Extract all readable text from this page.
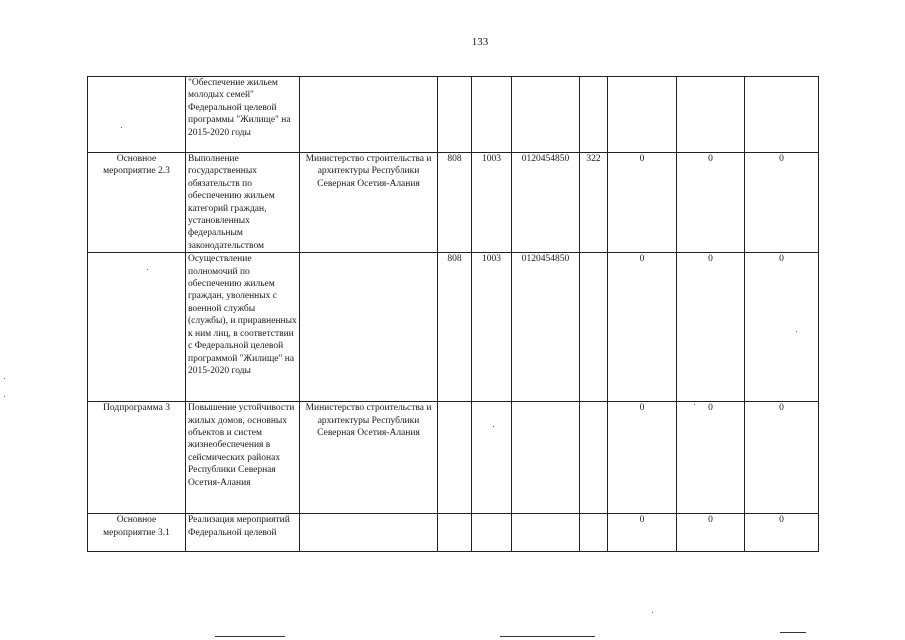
133
	"Обеспечение жильем молодых семей" Федеральной целевой программы "Жилище" на 2015-2020 годы								
Основное мероприятие 2.3	Выполнение государственных обязательств по обеспечению жильем категорий граждан, установленных федеральным законодательством	Министерство строительства и архитектуры Республики Северная Осетия-Алания	808	1003	0120454850	322	0	0	0
	Осуществление полномочий по обеспечению жильем граждан, уволенных с военной службы (службы), и приравненных к ним лиц, в соответствии с Федеральной целевой программой "Жилище" на 2015-2020 годы		808	1003	0120454850		0	0	0
Подпрограмма 3	Повышение устойчивости жилых домов, основных объектов и систем жизнеобеспечения в сейсмических районах Республики Северная Осетия-Алания	Министерство строительства и архитектуры Республики Северная Осетия-Алания					0	0	0
Основное мероприятие 3.1	Реализация мероприятий Федеральной целевой						0	0	0
